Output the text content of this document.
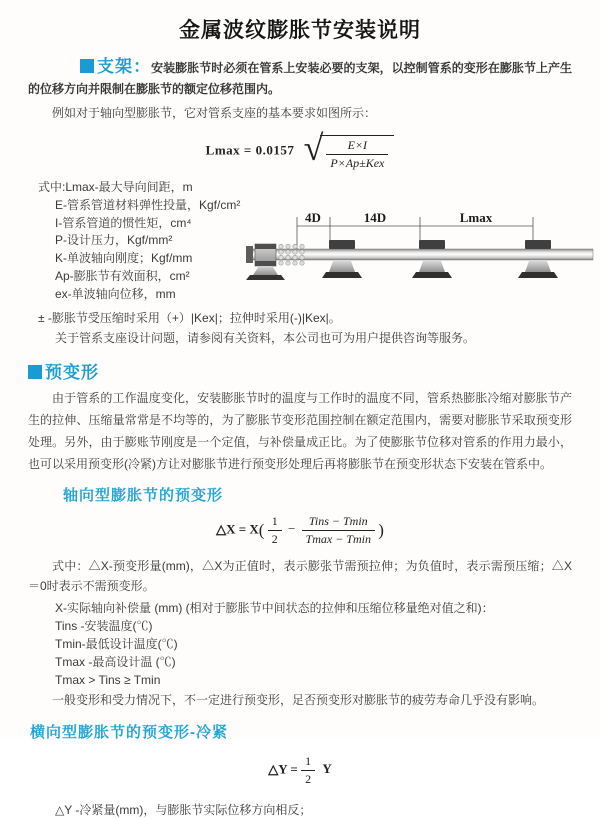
金属波纹膨胀节安装说明

支架：安装膨胀节时必须在管系上安装必要的支架，以控制管系的变形在膨胀节上产生的位移方向并限制在膨胀节的额定位移范围内。

例如对于轴向型膨胀节，它对管系支座的基本要求如图所示：

Lmax = 0.0157 √ $\frac{E\times I}{\text{P×Ap±Kex}}$
式中:Lmax-最大导向间距，m
E-管系管道材料弹性投量，Kgf/cm²
I-管系管道的惯性矩，cm⁴
P-设计压力，Kgf/mm²
K-单波轴向刚度；Kgf/mm
Ap-膨胀节有效面积，cm²
ex-单波轴向位移，mm
4D	14D	Lmax
± -膨胀节受压缩时采用（+）|Kex|；拉伸时采用(-)|Kex|。
关于管系支座设计问题，请参阅有关资料，本公司也可为用户提供咨询等服务。
预变形

由于管系的工作温度变化，安装膨胀节时的温度与工作时的温度不同，管系热膨胀冷缩对膨胀节产生的拉伸、压缩量常常是不均等的，为了膨胀节变形范围控制在额定范围内，需要对膨胀节采取预变形处理。另外，由于膨账节刚度是一个定值，与补偿量成正比。为了使膨胀节位移对管系的作用力最小，也可以采用预变形(冷紧)方让对膨胀节进行预变形处理后再将膨胀节在预变形状态下安装在管系中。

轴向型膨胀节的预变形
△X = $X( \frac{1}{2} - \frac{\text{Tins − Tmin}}{Tmax - Tmin}$ )

式中：△X-预变形量(mm)，△X为正值时，表示膨张节需预拉伸；为负值时，表示需预压缩；△X＝0时表示不需预变形。

X-实际轴向补偿量 (mm) (相对于膨胀节中间状态的拉伸和压缩位移量绝对值之和)：
Tins -安装温度(℃)
Tmin-最低设计温度(℃)
Tmax -最高设计温 (℃)
Tmax > Tins ≥ Tmin

一般变形和受力情况下，不一定进行预变形，足否预变形对膨胀节的疲劳寿命几乎没有影响。

横向型膨胀节的预变形-冷紧
△Y = $\frac{1}{2}$ Y
△Y -冷紧量(mm)，与膨胀节实际位移方向相反；
